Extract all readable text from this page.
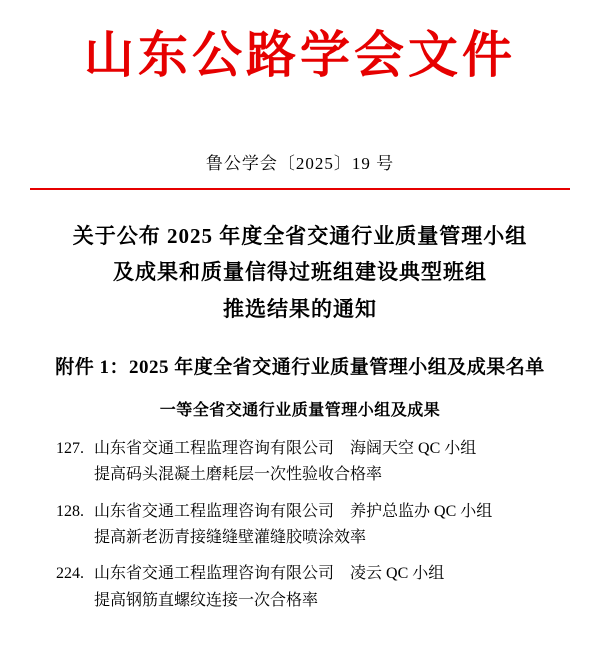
山东公路学会文件
鲁公学会〔2025〕19 号
关于公布 2025 年度全省交通行业质量管理小组
及成果和质量信得过班组建设典型班组
推选结果的通知
附件 1：2025 年度全省交通行业质量管理小组及成果名单
一等全省交通行业质量管理小组及成果
127. 山东省交通工程监理咨询有限公司 海阔天空 QC 小组
提高码头混凝土磨耗层一次性验收合格率
128. 山东省交通工程监理咨询有限公司 养护总监办 QC 小组
提高新老沥青接缝缝壁灌缝胶喷涂效率
224. 山东省交通工程监理咨询有限公司 凌云 QC 小组
提高钢筋直螺纹连接一次合格率
